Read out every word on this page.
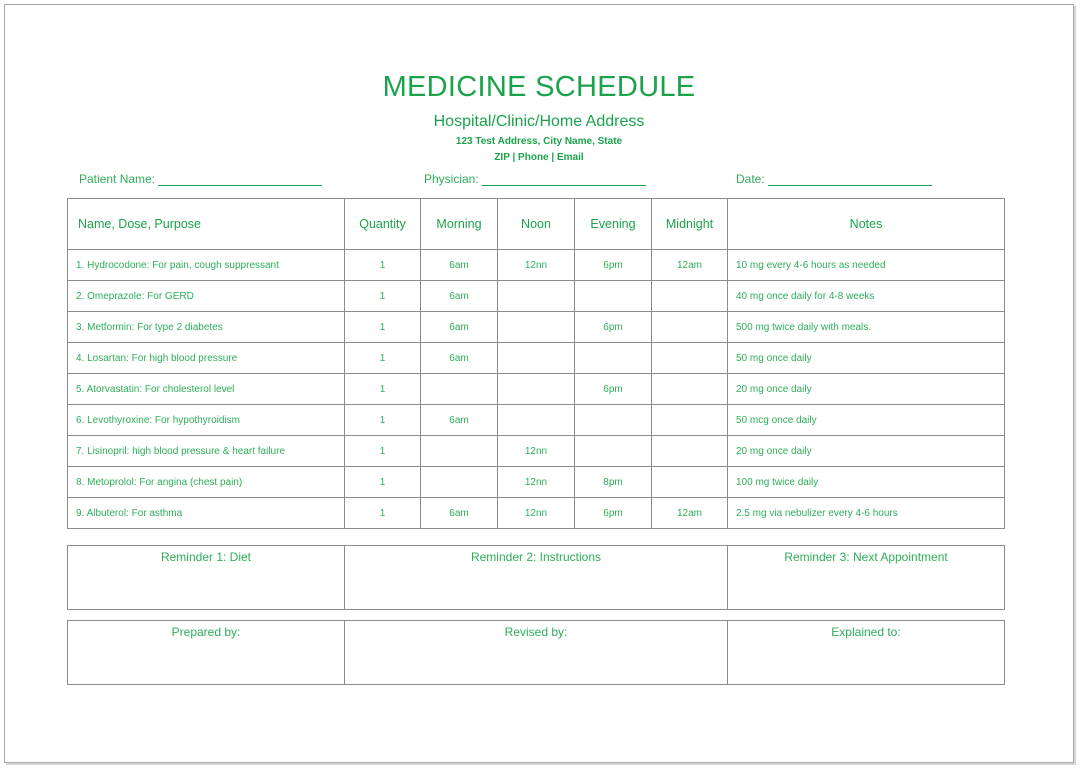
MEDICINE SCHEDULE
Hospital/Clinic/Home Address
123 Test Address, City Name, State
ZIP | Phone | Email
Patient Name:	Physician:	Date:
Name, Dose, Purpose	Quantity	Morning	Noon	Evening	Midnight	Notes
1. Hydrocodone: For pain, cough suppressant	1	6am	12nn	6pm	12am	10 mg every 4-6 hours as needed
2. Omeprazole: For GERD	1	6am				40 mg once daily for 4-8 weeks
3. Metformin: For type 2 diabetes	1	6am		6pm		500 mg twice daily with meals.
4. Losartan: For high blood pressure	1	6am				50 mg once daily
5. Atorvastatin: For cholesterol level	1			6pm		20 mg once daily
6. Levothyroxine: For hypothyroidism	1	6am				50 mcg once daily
7. Lisinopril: high blood pressure & heart failure	1		12nn			20 mg once daily
8. Metoprolol: For angina (chest pain)	1		12nn	8pm		100 mg twice daily
9. Albuterol: For asthma	1	6am	12nn	6pm	12am	2.5 mg via nebulizer every 4-6 hours
Reminder 1: Diet	Reminder 2: Instructions	Reminder 3: Next Appointment
Prepared by:	Revised by:	Explained to:
